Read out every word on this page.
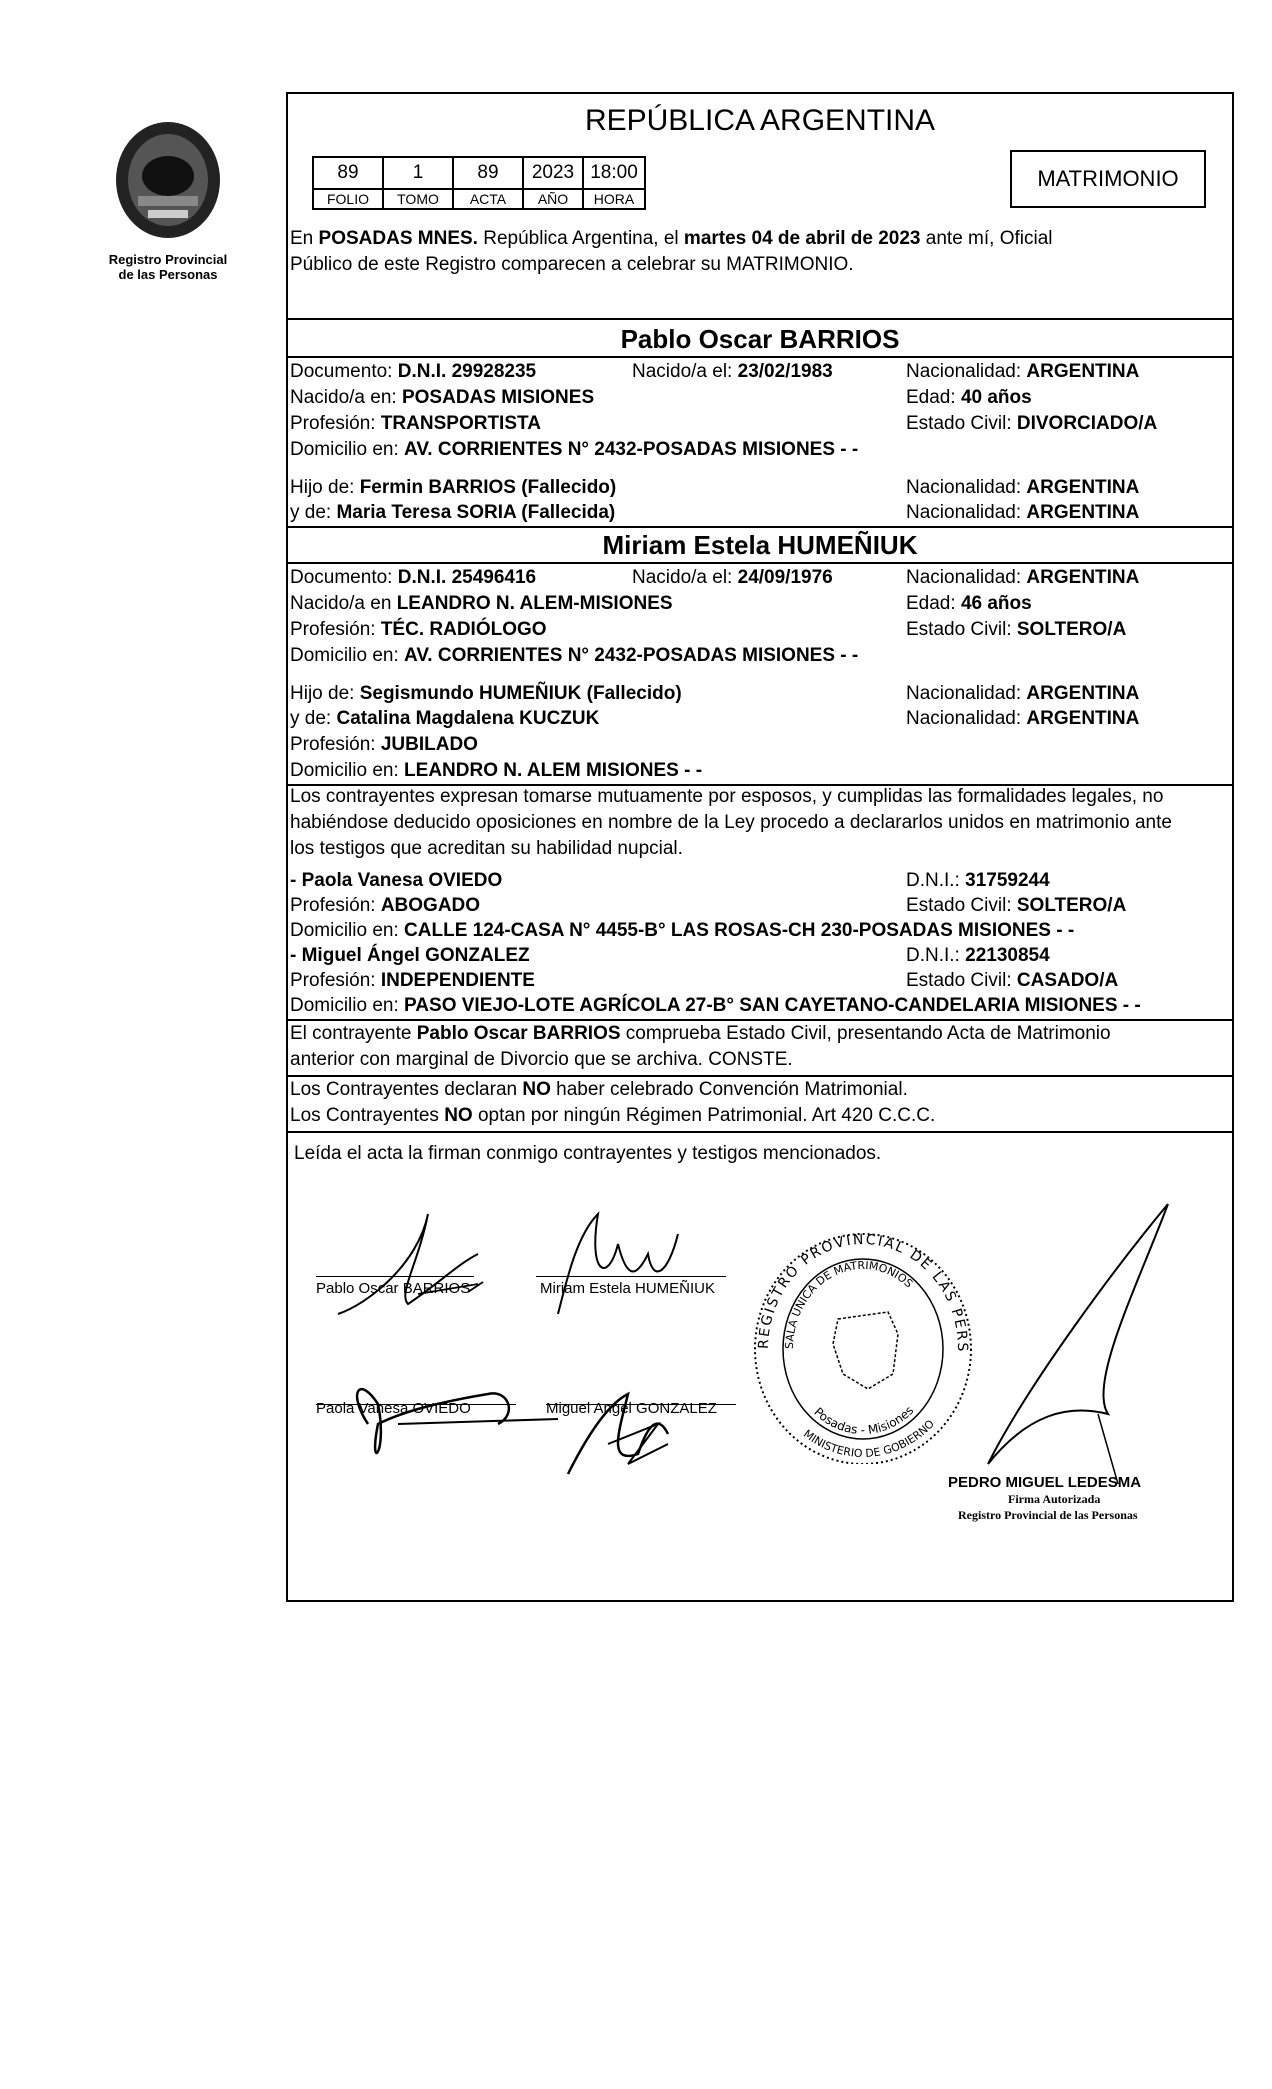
Registro Provincial
de las Personas
REPÚBLICA ARGENTINA
89	1	89	2023	18:00
FOLIO	TOMO	ACTA	AÑO	HORA
MATRIMONIO
En POSADAS MNES. República Argentina, el martes 04 de abril de 2023 ante mí, Oficial
Público de este Registro comparecen a celebrar su MATRIMONIO.
Pablo Oscar BARRIOS
Documento: D.N.I. 29928235	Nacido/a el: 23/02/1983	Nacionalidad: ARGENTINA
Nacido/a en: POSADAS MISIONES	Edad: 40 años
Profesión: TRANSPORTISTA	Estado Civil: DIVORCIADO/A
Domicilio en: AV. CORRIENTES N° 2432-POSADAS MISIONES - -
Hijo de: Fermin BARRIOS (Fallecido)	Nacionalidad: ARGENTINA
y de: Maria Teresa SORIA (Fallecida)	Nacionalidad: ARGENTINA
Miriam Estela HUMEÑIUK
Documento: D.N.I. 25496416	Nacido/a el: 24/09/1976	Nacionalidad: ARGENTINA
Nacido/a en LEANDRO N. ALEM-MISIONES	Edad: 46 años
Profesión: TÉC. RADIÓLOGO	Estado Civil: SOLTERO/A
Domicilio en: AV. CORRIENTES N° 2432-POSADAS MISIONES - -
Hijo de: Segismundo HUMEÑIUK (Fallecido)	Nacionalidad: ARGENTINA
y de: Catalina Magdalena KUCZUK	Nacionalidad: ARGENTINA
Profesión: JUBILADO
Domicilio en: LEANDRO N. ALEM MISIONES - -
Los contrayentes expresan tomarse mutuamente por esposos, y cumplidas las formalidades legales, no
habiéndose deducido oposiciones en nombre de la Ley procedo a declararlos unidos en matrimonio ante
los testigos que acreditan su habilidad nupcial.
- Paola Vanesa OVIEDO	D.N.I.: 31759244
Profesión: ABOGADO	Estado Civil: SOLTERO/A
Domicilio en: CALLE 124-CASA N° 4455-B° LAS ROSAS-CH 230-POSADAS MISIONES - -
- Miguel Ángel GONZALEZ	D.N.I.: 22130854
Profesión: INDEPENDIENTE	Estado Civil: CASADO/A
Domicilio en: PASO VIEJO-LOTE AGRÍCOLA 27-B° SAN CAYETANO-CANDELARIA MISIONES - -
El contrayente Pablo Oscar BARRIOS comprueba Estado Civil, presentando Acta de Matrimonio
anterior con marginal de Divorcio que se archiva. CONSTE.
Los Contrayentes declaran NO haber celebrado Convención Matrimonial.
Los Contrayentes NO optan por ningún Régimen Patrimonial. Art 420 C.C.C.
Leída el acta la firman conmigo contrayentes y testigos mencionados.
Pablo Oscar BARRIOS	Miriam Estela HUMEÑIUK
Paola Vanesa OVIEDO	Miguel Angel GONZALEZ
REGISTRO PROVINCIAL DE LAS PERS
SALA ÚNICA DE MATRIMONIOS
Posadas - Misiones
MINISTERIO DE GOBIERNO
PEDRO MIGUEL LEDESMA
Firma Autorizada
Registro Provincial de las Personas
